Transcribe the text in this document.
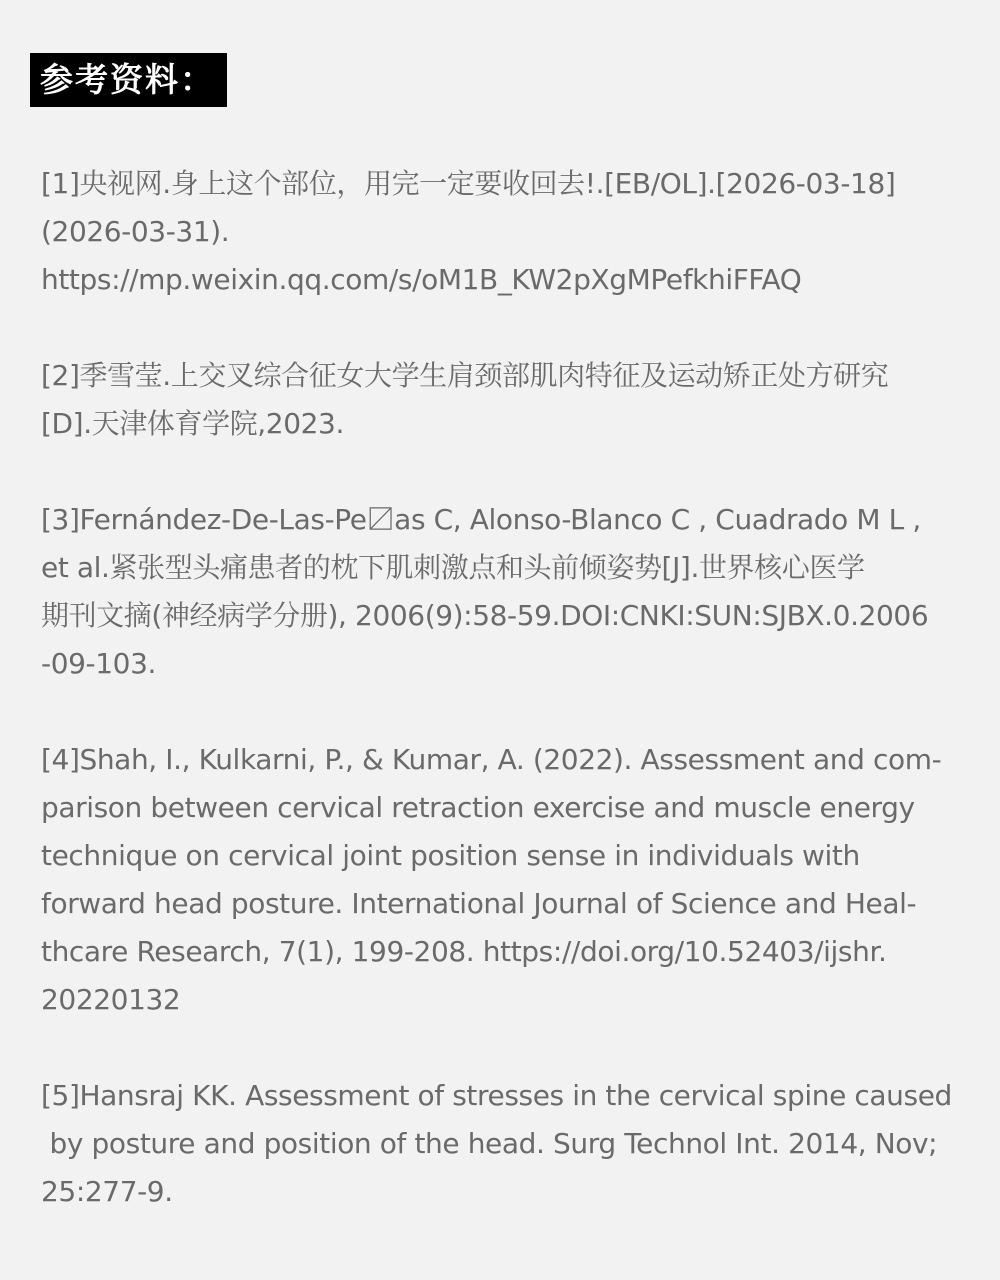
参考资料：
[1]央视网.身上这个部位，用完一定要收回去!.[EB/OL].[2026-03-18]
(2026-03-31).
https://mp.weixin.qq.com/s/oM1B_KW2pXgMPefkhiFFAQ
[2]季雪莹.上交叉综合征女大学生肩颈部肌肉特征及运动矫正处方研究
[D].天津体育学院,2023.
[3]Fernández-De-Las-Pe〼as C, Alonso-Blanco C , Cuadrado M L ,
et al.紧张型头痛患者的枕下肌刺激点和头前倾姿势[J].世界核心医学
期刊文摘(神经病学分册), 2006(9):58-59.DOI:CNKI:SUN:SJBX.0.2006
-09-103.
[4]Shah, I., Kulkarni, P., & Kumar, A. (2022). Assessment and com-
parison between cervical retraction exercise and muscle energy
technique on cervical joint position sense in individuals with
forward head posture. International Journal of Science and Heal-
thcare Research, 7(1), 199-208. https://doi.org/10.52403/ijshr.
20220132
[5]Hansraj KK. Assessment of stresses in the cervical spine caused
by posture and position of the head. Surg Technol Int. 2014, Nov;
25:277-9.
